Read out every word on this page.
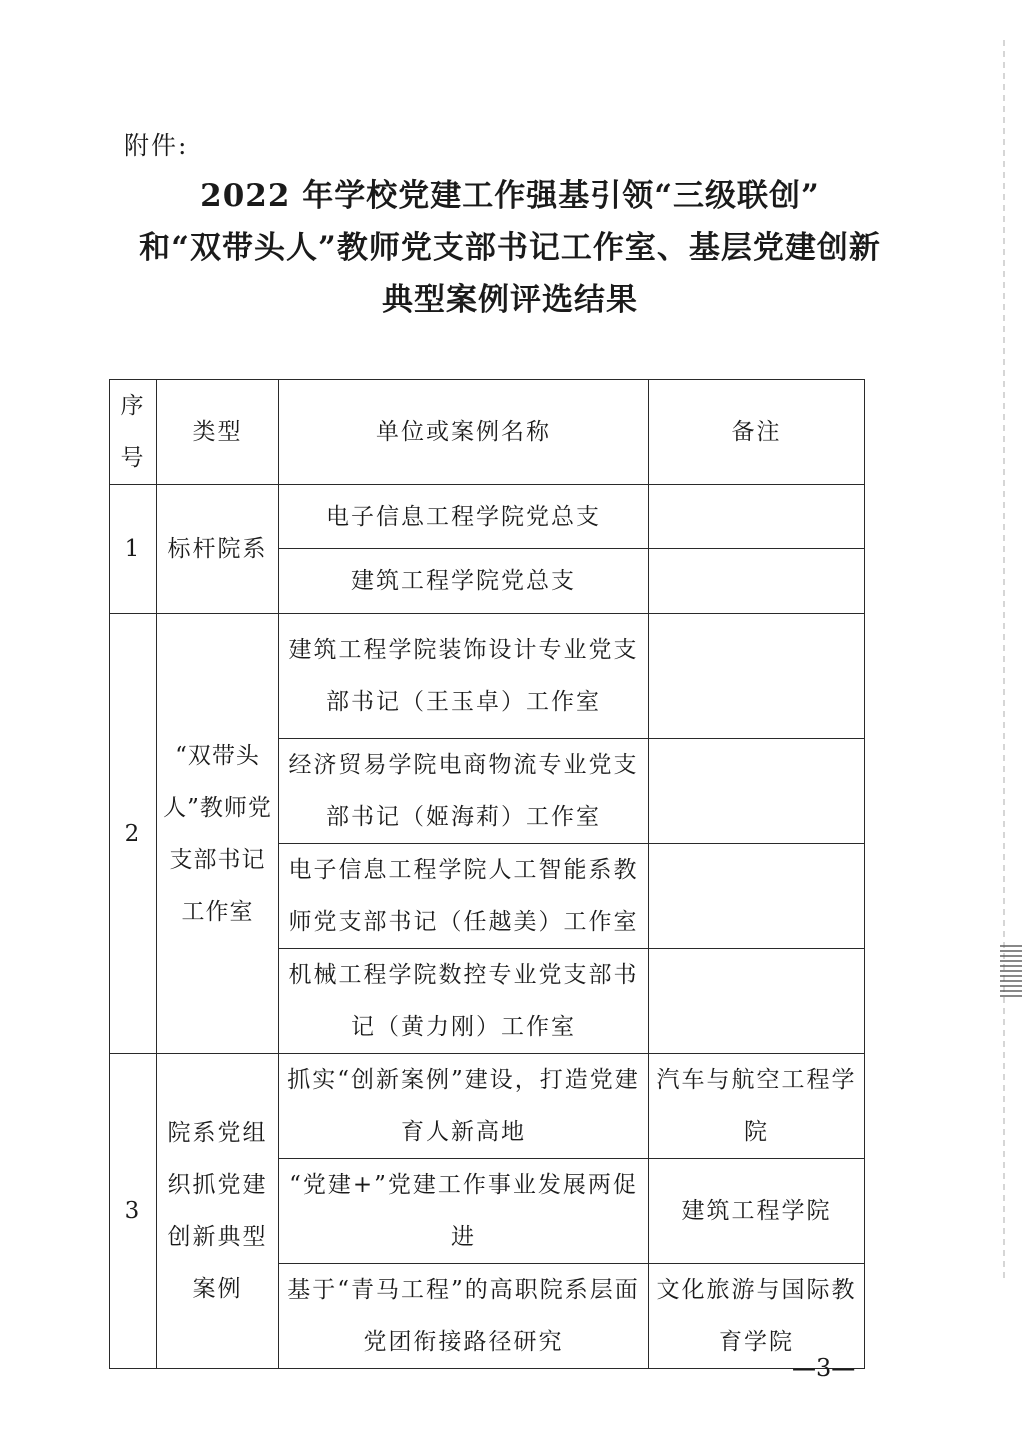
附件:
2022 年学校党建工作强基引领“三级联创”
和“双带头人”教师党支部书记工作室、基层党建创新
典型案例评选结果
序号	类型	单位或案例名称	备注
1	标杆院系	电子信息工程学院党总支	
		建筑工程学院党总支	
2	“双带头人”教师党支部书记工作室	建筑工程学院装饰设计专业党支部书记（王玉卓）工作室	
		经济贸易学院电商物流专业党支部书记（姬海莉）工作室	
		电子信息工程学院人工智能系教师党支部书记（任越美）工作室	
		机械工程学院数控专业党支部书记（黄力刚）工作室	
3	院系党组织抓党建创新典型案例	抓实“创新案例”建设，打造党建育人新高地	汽车与航空工程学院
		“党建+”党建工作事业发展两促进	建筑工程学院
		基于“青马工程”的高职院系层面党团衔接路径研究	文化旅游与国际教育学院
—3—
